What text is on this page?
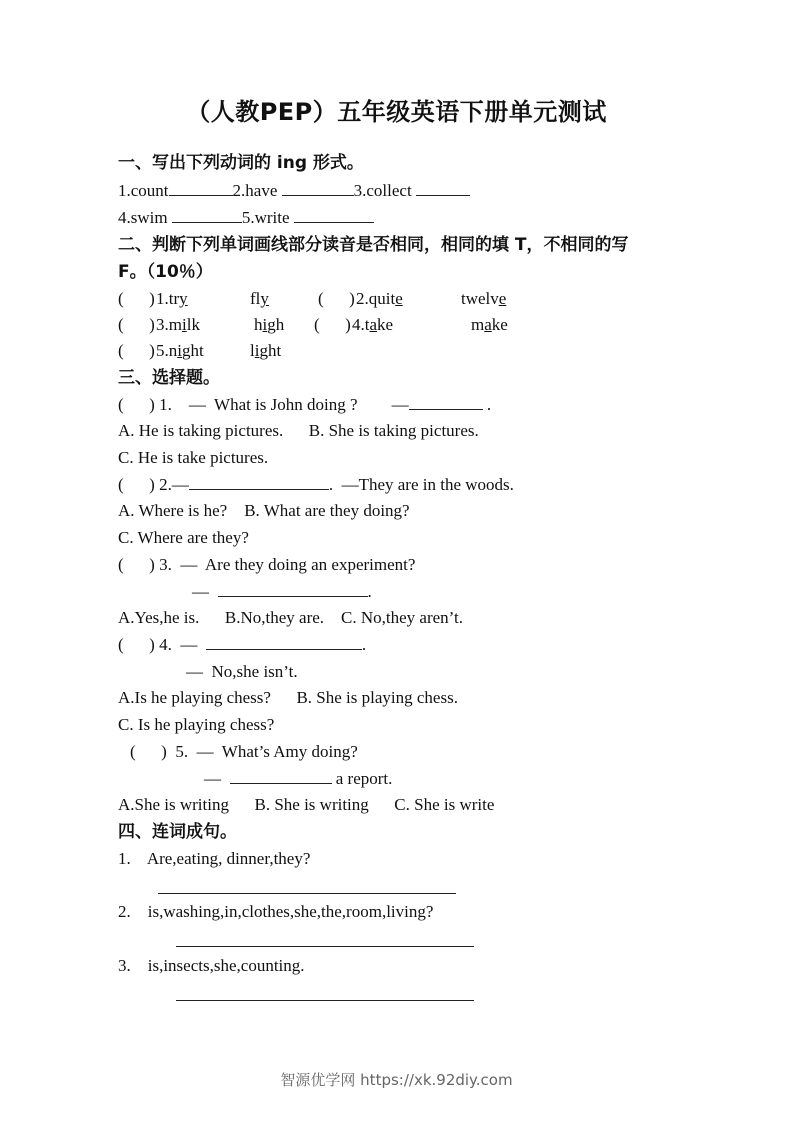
（人教PEP）五年级英语下册单元测试
一、写出下列动词的 ing 形式。
1.count	2.have	3.collect
4.swim	5.write
二、判断下列单词画线部分读音是否相同，相同的填 T，不相同的写
F。（10％）
(      ) 1.try	fly	(      ) 2.quite	twelve
(      ) 3.milk	high (      ) 4.take	make
(      ) 5.night	light
三、选择题。
(      ) 1. —  What is John doing ? —	.
A. He is taking pictures. B. She is taking pictures.
C. He is take pictures.
(      ) 2.—	.  —They are in the woods.
A. Where is he? B. What are they doing?
C. Where are they?
(      ) 3. —  Are they doing an experiment?
—	.
A.Yes,he is. B.No,they are. C. No,they aren’t.
(      ) 4. —	.
—  No,she isn’t.
A.Is he playing chess? B. She is playing chess.
C. Is he playing chess?
(      )  5. —  What’s Amy doing?
—	a report.
A.She is writing B. She is writing C. She is write
四、连词成句。
1. Are,eating, dinner,they?
2. is,washing,in,clothes,she,the,room,living?
3. is,insects,she,counting.
智源优学网 https://xk.92diy.com
